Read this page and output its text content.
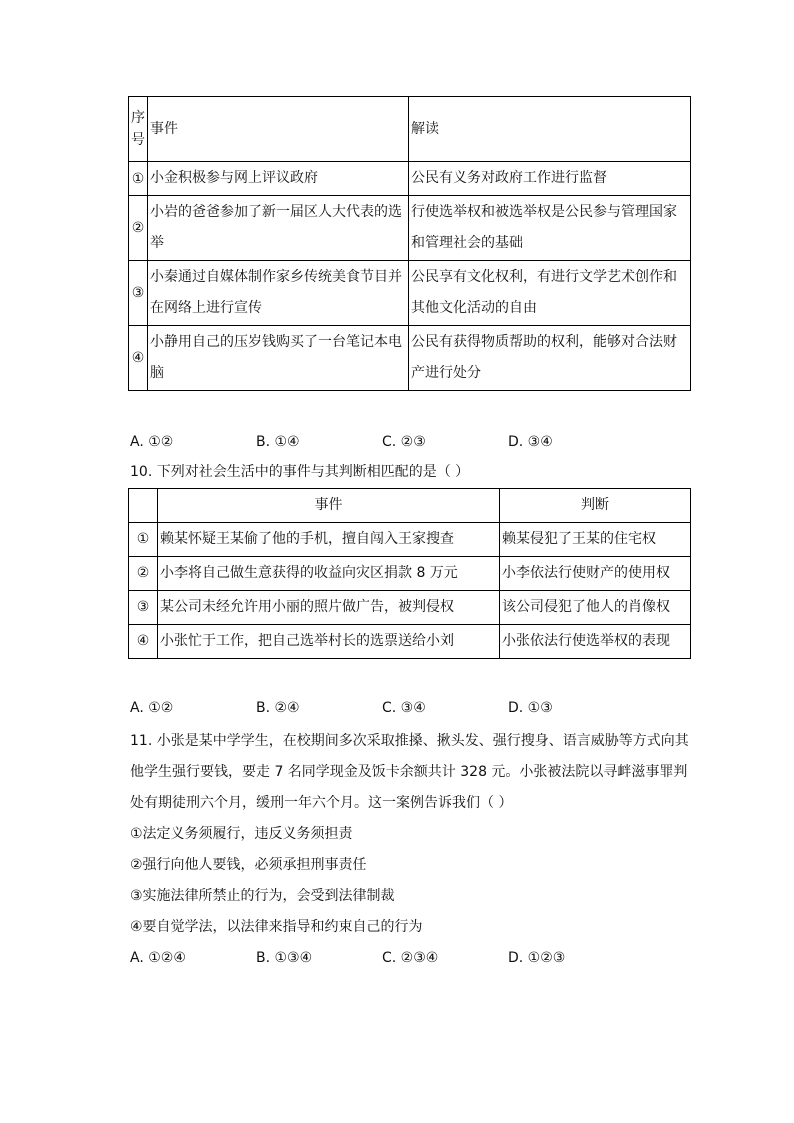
序号	事件	解读
①	小金积极参与网上评议政府	公民有义务对政府工作进行监督
②	小岩的爸爸参加了新一届区人大代表的选举	行使选举权和被选举权是公民参与管理国家和管理社会的基础
③	小秦通过自媒体制作家乡传统美食节目并在网络上进行宣传	公民享有文化权利，有进行文学艺术创作和其他文化活动的自由
④	小静用自己的压岁钱购买了一台笔记本电脑	公民有获得物质帮助的权利，能够对合法财产进行处分
A. ①②	B. ①④	C. ②③	D. ③④
10. 下列对社会生活中的事件与其判断相匹配的是（ ）
	事件	判断
①	赖某怀疑王某偷了他的手机，擅自闯入王家搜查	赖某侵犯了王某的住宅权
②	小李将自己做生意获得的收益向灾区捐款 8 万元	小李依法行使财产的使用权
③	某公司未经允许用小丽的照片做广告，被判侵权	该公司侵犯了他人的肖像权
④	小张忙于工作，把自己选举村长的选票送给小刘	小张依法行使选举权的表现
A. ①②	B. ②④	C. ③④	D. ①③
11. 小张是某中学学生，在校期间多次采取推搡、揪头发、强行搜身、语言威胁等方式向其他学生强行要钱，要走 7 名同学现金及饭卡余额共计 328 元。小张被法院以寻衅滋事罪判处有期徒刑六个月，缓刑一年六个月。这一案例告诉我们（ ）
①法定义务须履行，违反义务须担责
②强行向他人要钱，必须承担刑事责任
③实施法律所禁止的行为，会受到法律制裁
④要自觉学法，以法律来指导和约束自己的行为
A. ①②④	B. ①③④	C. ②③④	D. ①②③
